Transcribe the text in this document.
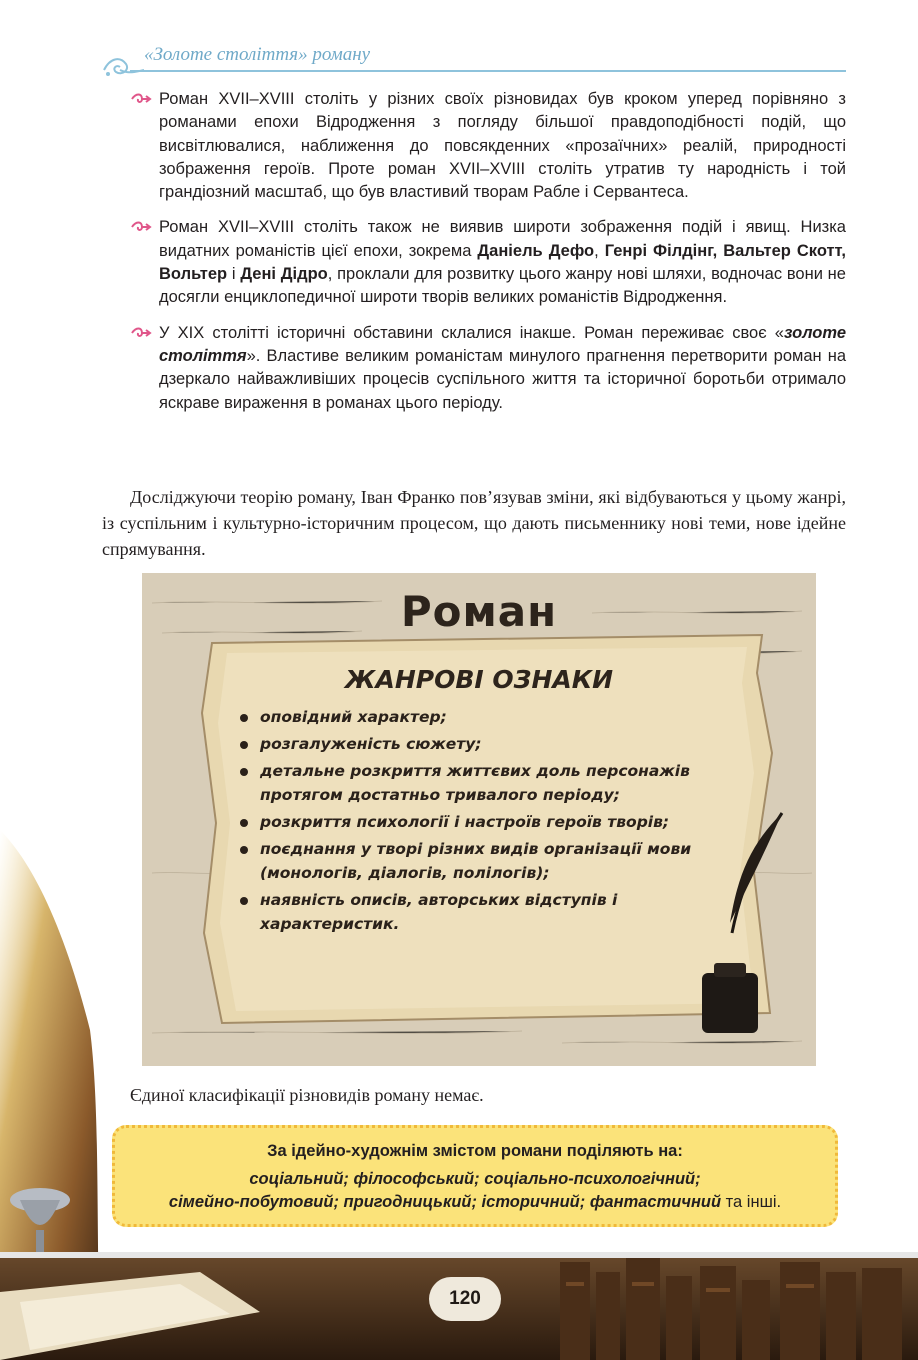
«Золоте століття» роману
Роман XVII–XVIII століть у різних своїх різновидах був кроком уперед порівняно з романами епохи Відродження з погляду більшої правдоподібності подій, що висвітлювалися, наближення до повсякденних «прозаїчних» реалій, природності зображення героїв. Проте роман XVII–XVIII століть утратив ту народність і той грандіозний масштаб, що був властивий творам Рабле і Сервантеса.
Роман XVII–XVIII століть також не виявив широти зображення подій і явищ. Низка видатних романістів цієї епохи, зокрема Даніель Дефо, Генрі Філдінг, Вальтер Скотт, Вольтер і Дені Дідро, проклали для розвитку цього жанру нові шляхи, водночас вони не досягли енциклопедичної широти творів великих романістів Відродження.
У XIX столітті історичні обставини склалися інакше. Роман переживає своє «золоте століття». Властиве великим романістам минулого прагнення перетворити роман на дзеркало найважливіших процесів суспільного життя та історичної боротьби отримало яскраве вираження в романах цього періоду.
Досліджуючи теорію роману, Іван Франко пов’язував зміни, які відбуваються у цьому жанрі, із суспільним і культурно-історичним процесом, що дають письменнику нові теми, нове ідейне спрямування.
Роман
ЖАНРОВІ ОЗНАКИ
оповідний характер;
розгалуженість сюжету;
детальне розкриття життєвих доль персонажів протягом достатньо тривалого періоду;
розкриття психології і настроїв героїв творів;
поєднання у творі різних видів організації мови (монологів, діалогів, полілогів);
наявність описів, авторських відступів і характеристик.
Єдиної класифікації різновидів роману немає.
За ідейно-художнім змістом романи поділяють на:
соціальний; філософський; соціально-психологічний;
сімейно-побутовий; пригодницький; історичний; фантастичний та інші.
120
